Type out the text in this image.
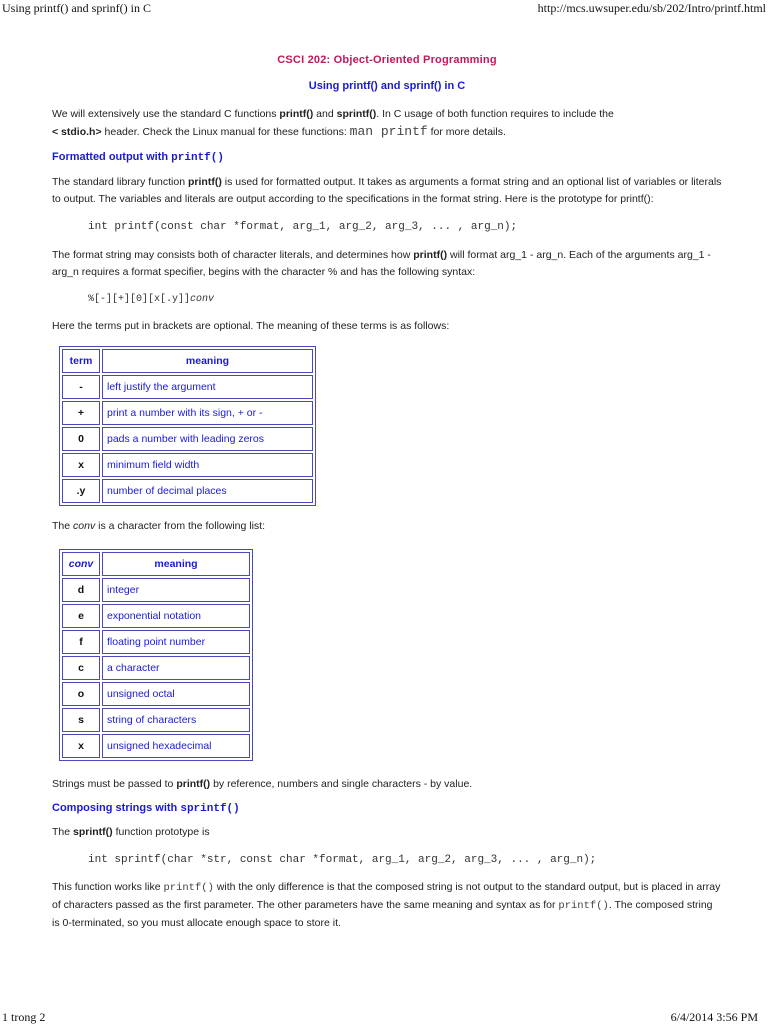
Using printf() and sprinf() in C	http://mcs.uwsuper.edu/sb/202/Intro/printf.html
CSCI 202: Object-Oriented Programming
Using printf() and sprinf() in C

We will extensively use the standard C functions printf() and sprintf(). In C usage of both function requires to include the
< stdio.h> header. Check the Linux manual for these functions: man printf for more details.

Formatted output with printf()

The standard library function printf() is used for formatted output. It takes as arguments a format string and an optional list of variables or literals to output. The variables and literals are output according to the specifications in the format string. Here is the prototype for printf():

int printf(const char *format, arg_1, arg_2, arg_3, ... , arg_n);

The format string may consists both of character literals, and determines how printf() will format arg_1 - arg_n. Each of the arguments arg_1 - arg_n requires a format specifier, begins with the character % and has the following syntax:

%[-][+][0][x[.y]]conv

Here the terms put in brackets are optional. The meaning of these terms is as follows:

term	meaning
-	left justify the argument
+	print a number with its sign, + or -
0	pads a number with leading zeros
x	minimum field width
.y	number of decimal places

The conv is a character from the following list:

conv	meaning
d	integer
e	exponential notation
f	floating point number
c	a character
o	unsigned octal
s	string of characters
x	unsigned hexadecimal

Strings must be passed to printf() by reference, numbers and single characters - by value.

Composing strings with sprintf()

The sprintf() function prototype is

int sprintf(char *str, const char *format, arg_1, arg_2, arg_3, ... , arg_n);

This function works like printf() with the only difference is that the composed string is not output to the standard output, but is placed in array of characters passed as the first parameter. The other parameters have the same meaning and syntax as for printf(). The composed string is 0-terminated, so you must allocate enough space to store it.

1 trong 2	6/4/2014 3:56 PM
